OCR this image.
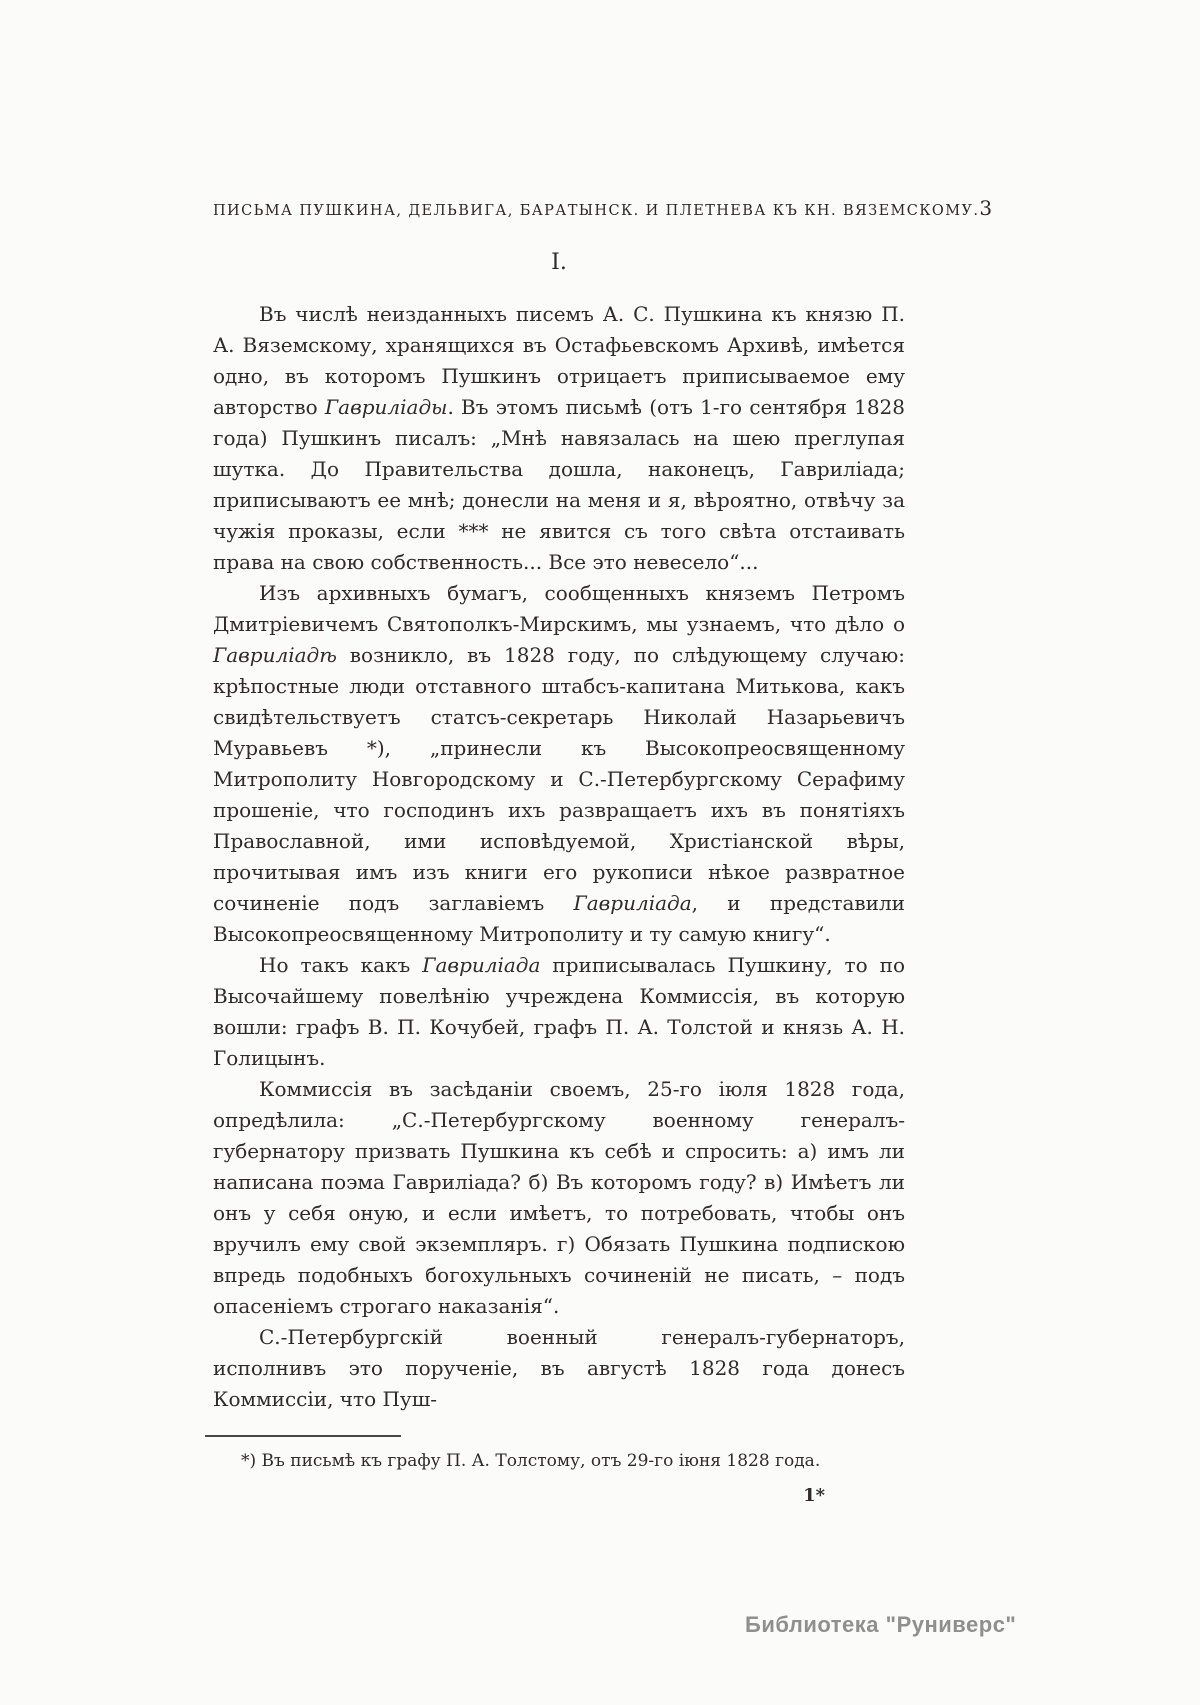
ПИСЬМА ПУШКИНА, ДЕЛЬВИГА, БАРАТЫНСК. И ПЛЕТНЕВА КЪ КН. ВЯЗЕМСКОМУ. 3
I.

Въ числѣ неизданныхъ писемъ А. С. Пушкина къ князю П. А. Вяземскому, хранящихся въ Остафьевскомъ Архивѣ, имѣется одно, въ которомъ Пушкинъ отрицаетъ приписываемое ему авторство Гавриліады. Въ этомъ письмѣ (отъ 1-го сентября 1828 года) Пушкинъ писалъ: „Мнѣ навязалась на шею преглупая шутка. До Правительства дошла, наконецъ, Гавриліада; приписываютъ ее мнѣ; донесли на меня и я, вѣроятно, отвѣчу за чужія проказы, если *** не явится съ того свѣта отстаивать права на свою собственность... Все это невесело“...

Изъ архивныхъ бумагъ, сообщенныхъ княземъ Петромъ Дмитріевичемъ Святополкъ-Мирскимъ, мы узнаемъ, что дѣло о Гавриліадѣ возникло, въ 1828 году, по слѣдующему случаю: крѣпостные люди отставного штабсъ-капитана Митькова, какъ свидѣтельствуетъ статсъ-секретарь Николай Назарьевичъ Муравьевъ *), „принесли къ Высокопреосвященному Митрополиту Новгородскому и С.-Петербургскому Серафиму прошеніе, что господинъ ихъ развращаетъ ихъ въ понятіяхъ Православной, ими исповѣдуемой, Христіанской вѣры, прочитывая имъ изъ книги его рукописи нѣкое развратное сочиненіе подъ заглавіемъ Гавриліада, и представили Высокопреосвященному Митрополиту и ту самую книгу“.

Но такъ какъ Гавриліада приписывалась Пушкину, то по Высочайшему повелѣнію учреждена Коммиссія, въ которую вошли: графъ В. П. Кочубей, графъ П. А. Толстой и князь А. Н. Голицынъ.

Коммиссія въ засѣданіи своемъ, 25-го іюля 1828 года, опредѣлила: „С.-Петербургскому военному генералъ-губернатору призвать Пушкина къ себѣ и спросить: а) имъ ли написана поэма Гавриліада? б) Въ которомъ году? в) Имѣетъ ли онъ у себя оную, и если имѣетъ, то потребовать, чтобы онъ вручилъ ему свой экземпляръ. г) Обязать Пушкина подпискою впредь подобныхъ богохульныхъ сочиненій не писать, – подъ опасеніемъ строгаго наказанія“.

С.-Петербургскій военный генералъ-губернаторъ, исполнивъ это порученіе, въ августѣ 1828 года донесъ Коммиссіи, что Пуш-

*) Въ письмѣ къ графу П. А. Толстому, отъ 29-го іюня 1828 года.
1*
Библиотека "Руниверс"
